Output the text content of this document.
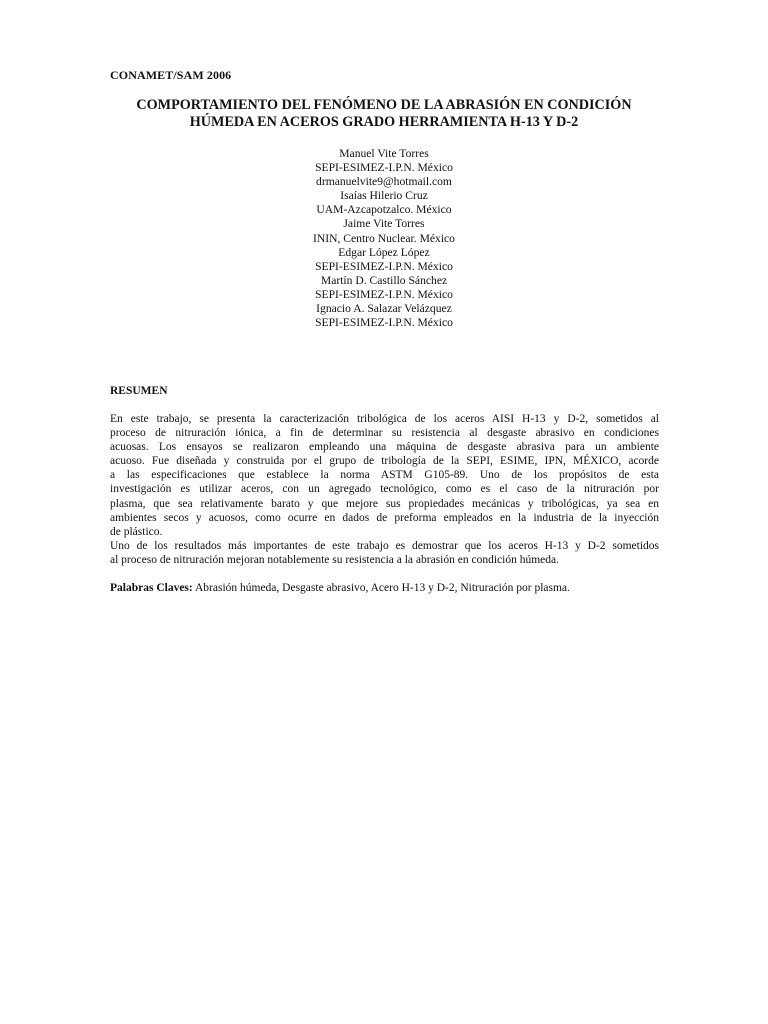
CONAMET/SAM 2006
COMPORTAMIENTO DEL FENÓMENO DE LA ABRASIÓN EN CONDICIÓN
HÚMEDA EN ACEROS GRADO HERRAMIENTA H-13 Y D-2
Manuel Vite Torres
SEPI-ESIMEZ-I.P.N. México
drmanuelvite9@hotmail.com
Isaías Hilerio Cruz
UAM-Azcapotzalco. México
Jaime Vite Torres
ININ, Centro Nuclear. México
Edgar López López
SEPI-ESIMEZ-I.P.N. México
Martín D. Castillo Sánchez
SEPI-ESIMEZ-I.P.N. México
Ignacio A. Salazar Velázquez
SEPI-ESIMEZ-I.P.N. México
RESUMEN
En este trabajo, se presenta la caracterización tribológica de los aceros AISI H-13 y D-2, sometidos al
proceso de nitruración iónica, a fin de determinar su resistencia al desgaste abrasivo en condiciones
acuosas. Los ensayos se realizaron empleando una máquina de desgaste abrasiva para un ambiente
acuoso. Fue diseñada y construida por el grupo de tribología de la SEPI, ESIME, IPN, MÉXICO, acorde
a las especificaciones que establece la norma ASTM G105-89. Uno de los propósitos de esta
investigación es utilizar aceros, con un agregado tecnológico, como es el caso de la nitruración por
plasma, que sea relativamente barato y que mejore sus propiedades mecánicas y tribológicas, ya sea en
ambientes secos y acuosos, como ocurre en dados de preforma empleados en la industria de la inyección
de plástico.
Uno de los resultados más importantes de este trabajo es demostrar que los aceros H-13 y D-2 sometidos
al proceso de nitruración mejoran notablemente su resistencia a la abrasión en condición húmeda.
Palabras Claves: Abrasión húmeda, Desgaste abrasivo, Acero H-13 y D-2, Nitruración por plasma.
